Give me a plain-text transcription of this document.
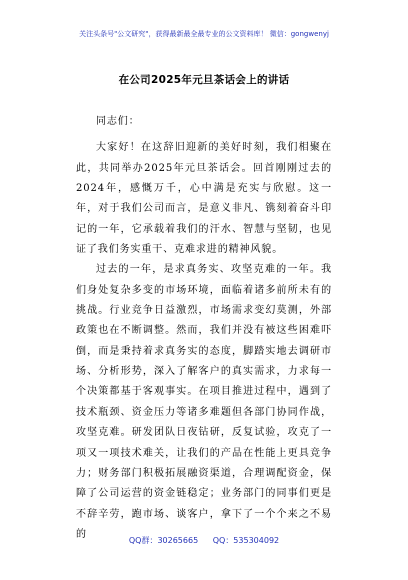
关注头条号"公文研究"，获得最新最全最专业的公文资料库！ 微信：gongwenyj
在公司2025年元旦茶话会上的讲话

同志们：

大家好！在这辞旧迎新的美好时刻，我们相聚在此，共同举办2025年元旦茶话会。回首刚刚过去的2024年，感慨万千，心中满是充实与欣慰。这一年，对于我们公司而言，是意义非凡、镌刻着奋斗印记的一年，它承载着我们的汗水、智慧与坚韧，也见证了我们务实重干、克难求进的精神风貌。

过去的一年，是求真务实、攻坚克难的一年。我们身处复杂多变的市场环境，面临着诸多前所未有的挑战。行业竞争日益激烈，市场需求变幻莫测，外部政策也在不断调整。然而，我们并没有被这些困难吓倒，而是秉持着求真务实的态度，脚踏实地去调研市场、分析形势，深入了解客户的真实需求，力求每一个决策都基于客观事实。在项目推进过程中，遇到了技术瓶颈、资金压力等诸多难题但各部门协同作战，攻坚克难。研发团队日夜钻研，反复试验，攻克了一项又一项技术难关，让我们的产品在性能上更具竞争力；财务部门积极拓展融资渠道，合理调配资金，保障了公司运营的资金链稳定；业务部门的同事们更是不辞辛劳，跑市场、谈客户，拿下了一个个来之不易的

QQ群：30265665 QQ：535304092
